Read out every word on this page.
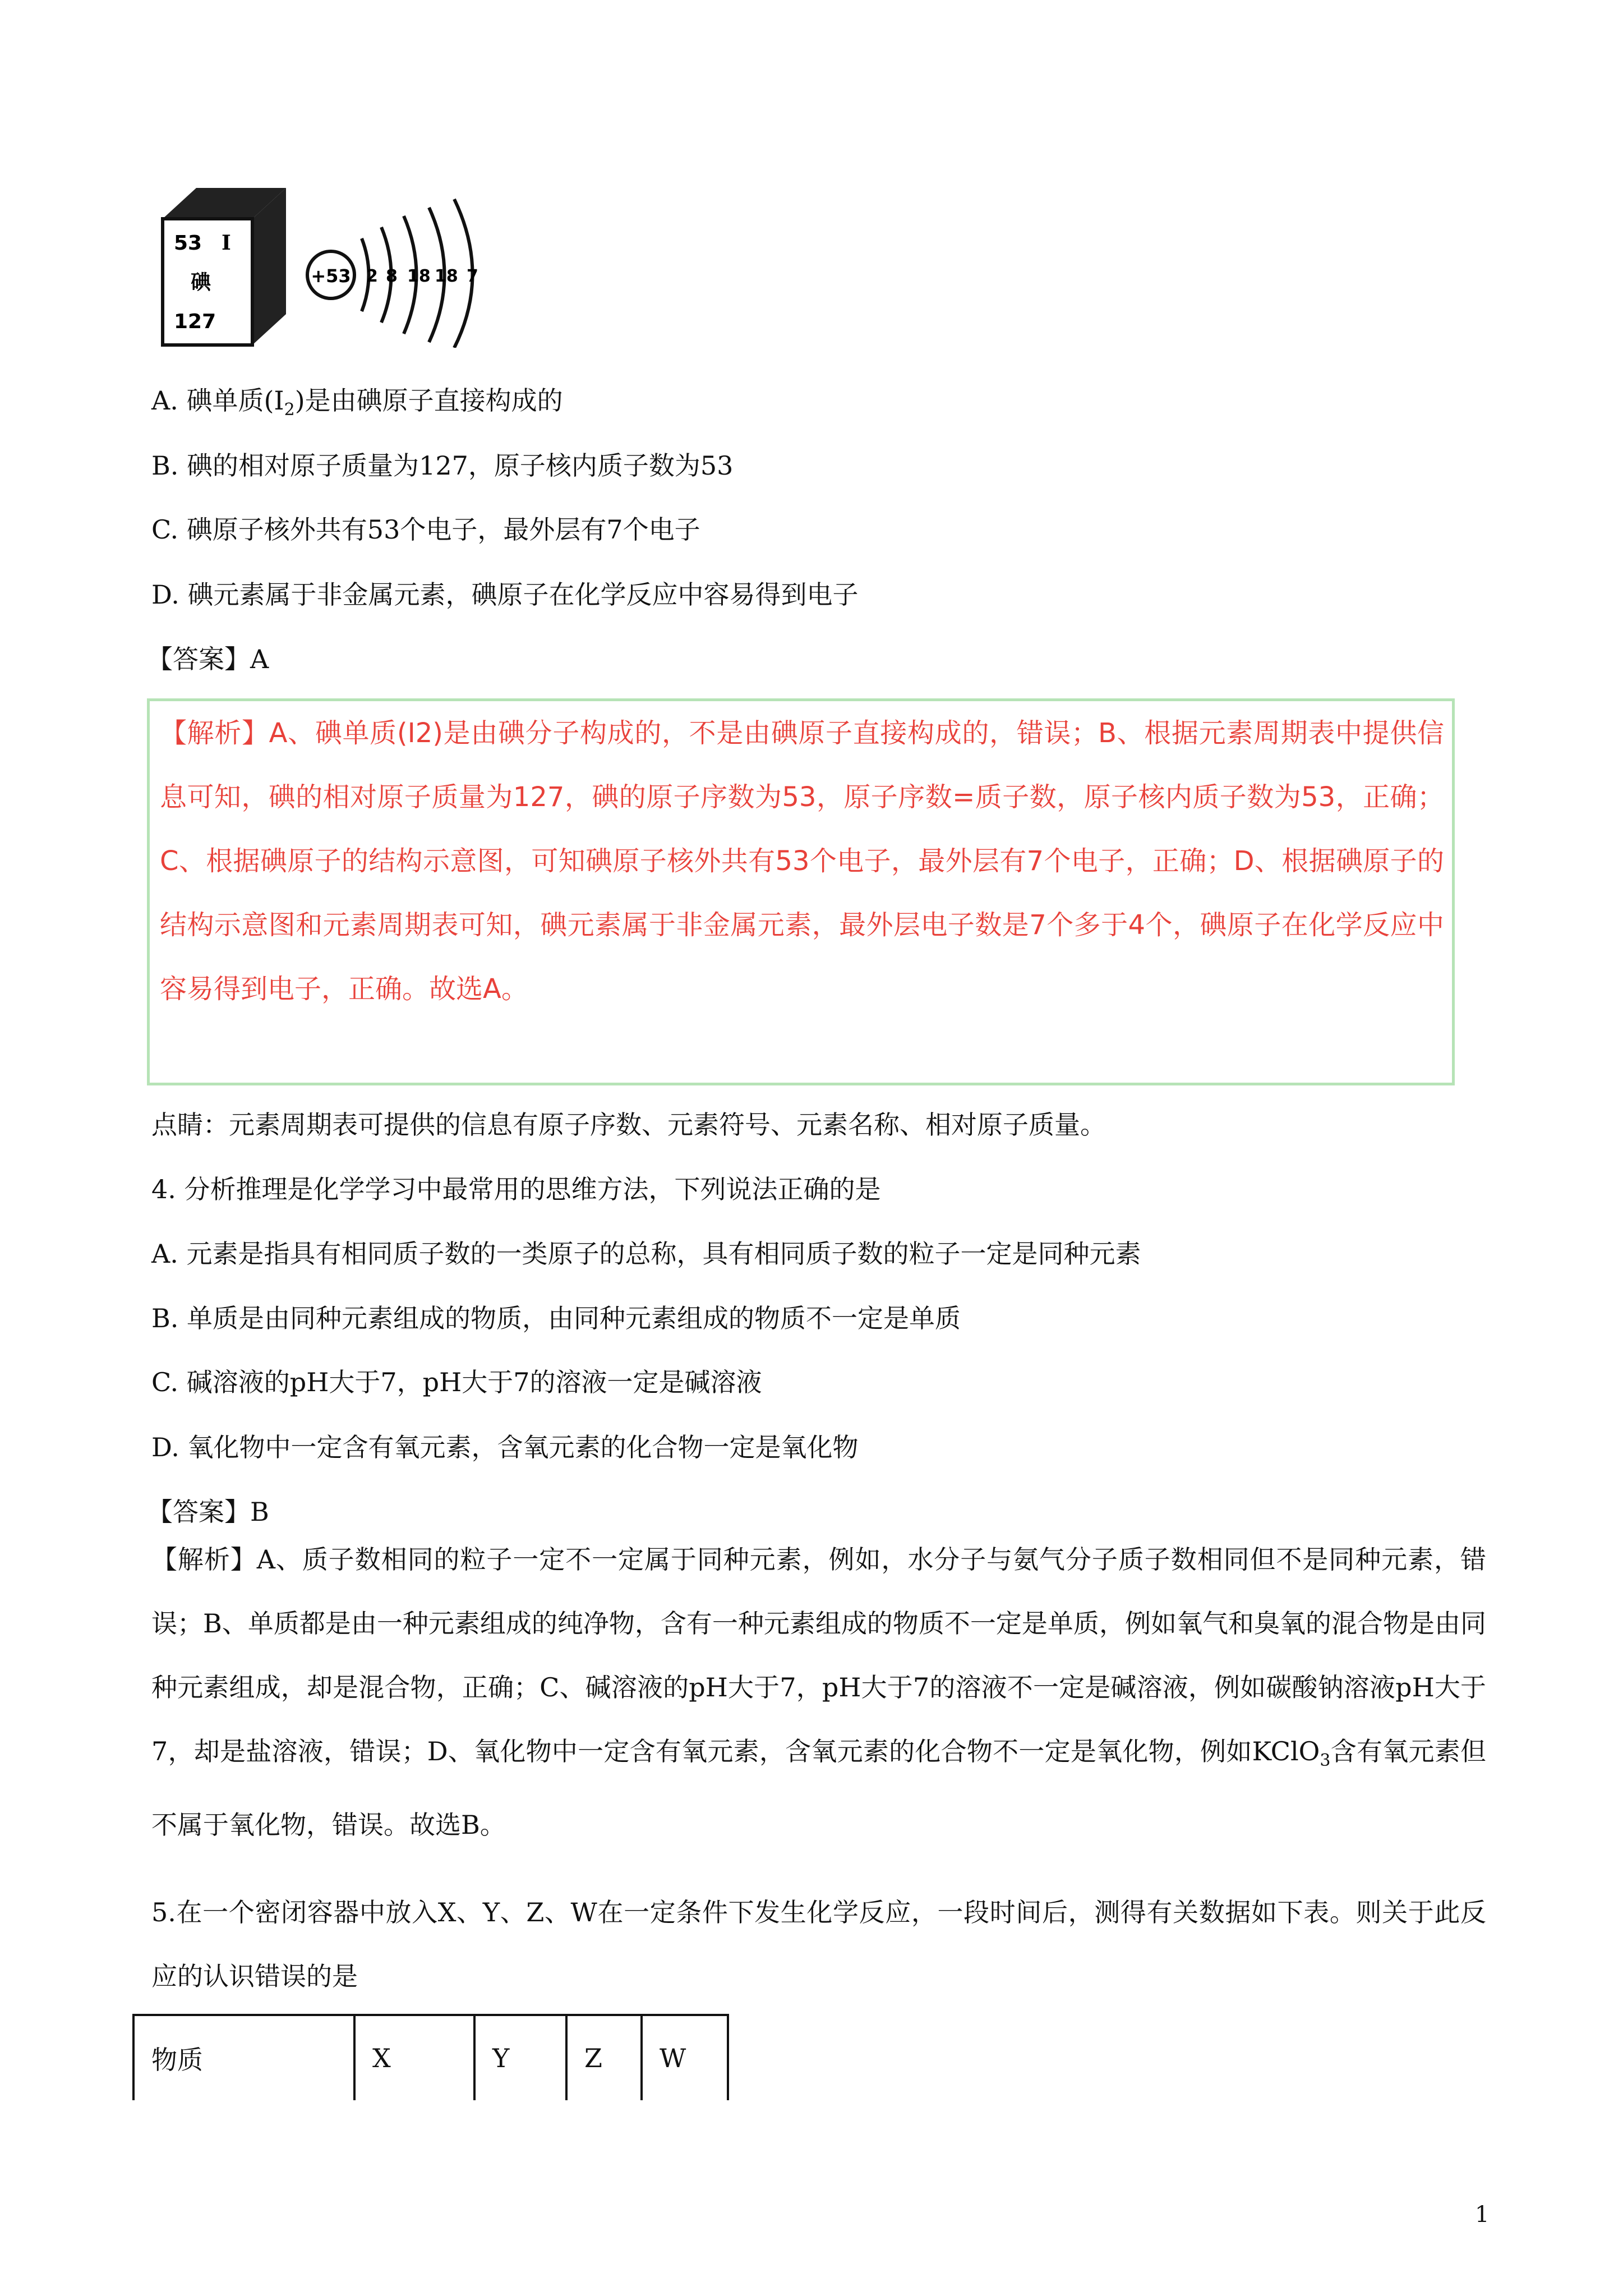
53 I
碘
127
+53 2 8 18 18 7
A. 碘单质$(I_2)$是由碘原子直接构成的
B. 碘的相对原子质量为127，原子核内质子数为53
C. 碘原子核外共有53个电子，最外层有7个电子
D. 碘元素属于非金属元素，碘原子在化学反应中容易得到电子
【答案】A
【解析】A、碘单质(I2)是由碘分子构成的，不是由碘原子直接构成的，错误；B、根据元素周期表中提供信息可知，碘的相对原子质量为127，碘的原子序数为53，原子序数=质子数，原子核内质子数为53，正确；C、根据碘原子的结构示意图，可知碘原子核外共有53个电子，最外层有7个电子，正确；D、根据碘原子的结构示意图和元素周期表可知，碘元素属于非金属元素，最外层电子数是7个多于4个，碘原子在化学反应中容易得到电子，正确。故选A。
点睛：元素周期表可提供的信息有原子序数、元素符号、元素名称、相对原子质量。
4. 分析推理是化学学习中最常用的思维方法，下列说法正确的是
A. 元素是指具有相同质子数的一类原子的总称，具有相同质子数的粒子一定是同种元素
B. 单质是由同种元素组成的物质，由同种元素组成的物质不一定是单质
C. 碱溶液的pH大于7，pH大于7的溶液一定是碱溶液
D. 氧化物中一定含有氧元素，含氧元素的化合物一定是氧化物
【答案】B
【解析】A、质子数相同的粒子一定不一定属于同种元素，例如，水分子与氨气分子质子数相同但不是同种元素，错误；B、单质都是由一种元素组成的纯净物，含有一种元素组成的物质不一定是单质，例如氧气和臭氧的混合物是由同种元素组成，却是混合物，正确；C、碱溶液的pH大于7，pH大于7的溶液不一定是碱溶液，例如碳酸钠溶液pH大于7，却是盐溶液，错误；D、氧化物中一定含有氧元素，含氧元素的化合物不一定是氧化物，例如KClO$_3$含有氧元素但不属于氧化物，错误。故选B。
5.在一个密闭容器中放入X、Y、Z、W在一定条件下发生化学反应，一段时间后，测得有关数据如下表。则关于此反应的认识错误的是
物质	X	Y	Z	W
1
